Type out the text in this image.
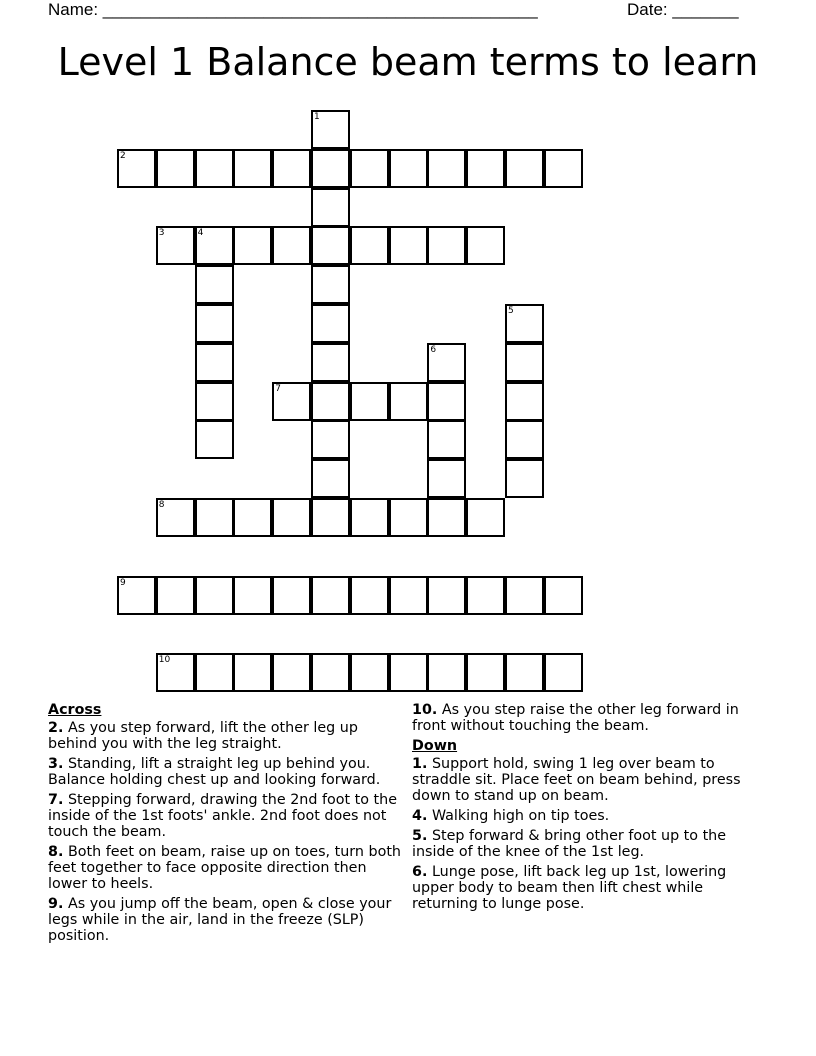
Name: ______________________________________________	Date: _______
Level 1 Balance beam terms to learn
1
2
3	4
5
6
7
8
9
10
Across
2. As you step forward, lift the other leg up behind you with the leg straight.
3. Standing, lift a straight leg up behind you. Balance holding chest up and looking forward.
7. Stepping forward, drawing the 2nd foot to the inside of the 1st foots' ankle. 2nd foot does not touch the beam.
8. Both feet on beam, raise up on toes, turn both feet together to face opposite direction then lower to heels.
9. As you jump off the beam, open & close your legs while in the air, land in the freeze (SLP) position.
10. As you step raise the other leg forward in front without touching the beam.
Down
1. Support hold, swing 1 leg over beam to straddle sit. Place feet on beam behind, press down to stand up on beam.
4. Walking high on tip toes.
5. Step forward & bring other foot up to the inside of the knee of the 1st leg.
6. Lunge pose, lift back leg up 1st, lowering upper body to beam then lift chest while returning to lunge pose.
